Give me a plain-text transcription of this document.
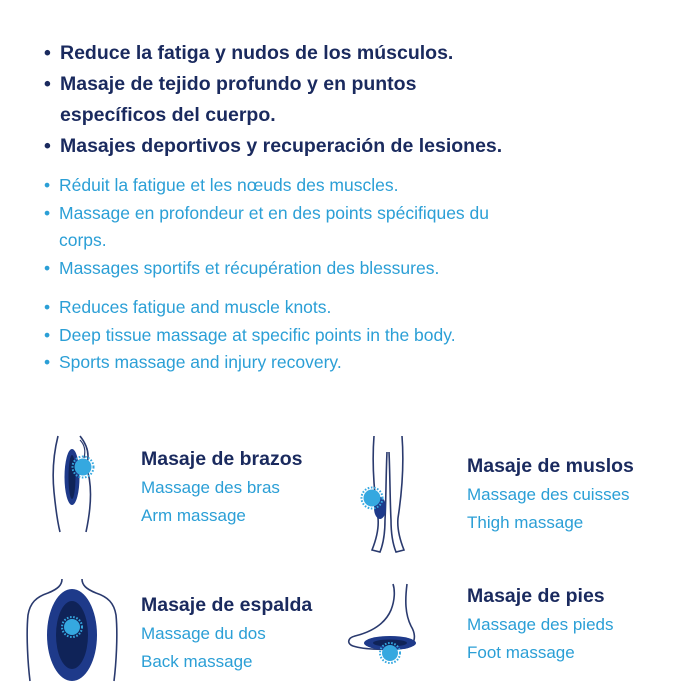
• Reduce la fatiga y nudos de los músculos.
• Masaje de tejido profundo y en puntos específicos del cuerpo.
• Masajes deportivos y recuperación de lesiones.
• Réduit la fatigue et les nœuds des muscles.
• Massage en profondeur et en des points spécifiques du corps.
• Massages sportifs et récupération des blessures.
• Reduces fatigue and muscle knots.
• Deep tissue massage at specific points in the body.
• Sports massage and injury recovery.
Masaje de brazos
Massage des bras
Arm massage
Masaje de muslos
Massage des cuisses
Thigh massage
Masaje de espalda
Massage du dos
Back massage
Masaje de pies
Massage des pieds
Foot massage
